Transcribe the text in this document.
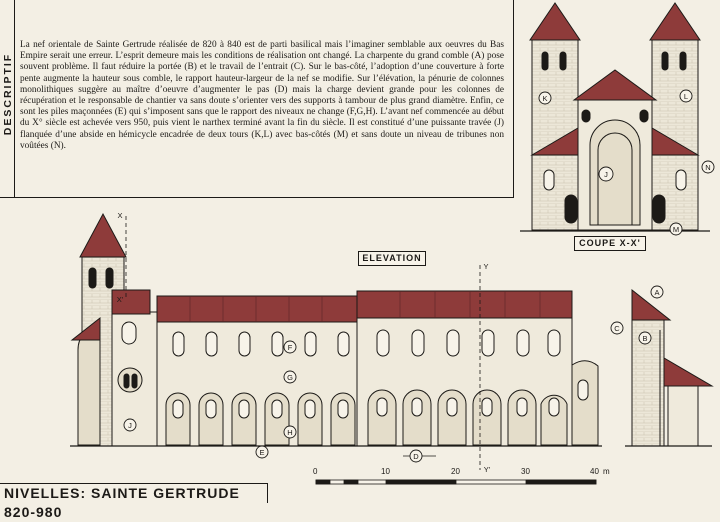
DESCRIPTIF
La nef orientale de Sainte Gertrude réalisée de 820 à 840 est de parti basilical mais l’imaginer semblable aux oeuvres du Bas Empire serait une erreur. L’esprit demeure mais les conditions de réalisation ont changé. La charpente du grand comble (A) pose souvent problème. Il faut réduire la portée (B) et le travail de l’entrait (C). Sur le bas-côté, l’adoption d’une couverture à forte pente augmente la hauteur sous comble, le rapport hauteur-largeur de la nef se modifie. Sur l’élévation, la pénurie de colonnes monolithiques suggère au maître d’oeuvre d’augmenter le pas (D) mais la charge devient grande pour les colonnes de récupération et le responsable de chantier va sans doute s’orienter vers des supports à tambour de plus grand diamètre. Enfin, ce sont les piles maçonnées (E) qui s’imposent sans que le rapport des niveaux ne change (F,G,H). L’avant nef commencée au début du X° siècle est achevée vers 950, puis vient le narthex terminé avant la fin du siècle. Il est constitué d’une puissante travée (J) flanquée d’une abside en hémicycle encadrée de deux tours (K,L) avec bas-côtés (M) et sans doute un niveau de tribunes non voûtées (N).
K	L
J
N
M
J
E
F
G
H
D
A
B
C
X
X'
Y
Y'
COUPE X-X'
ELEVATION
0	10	20	30	40 m
NIVELLES: SAINTE GERTRUDE 820-980
